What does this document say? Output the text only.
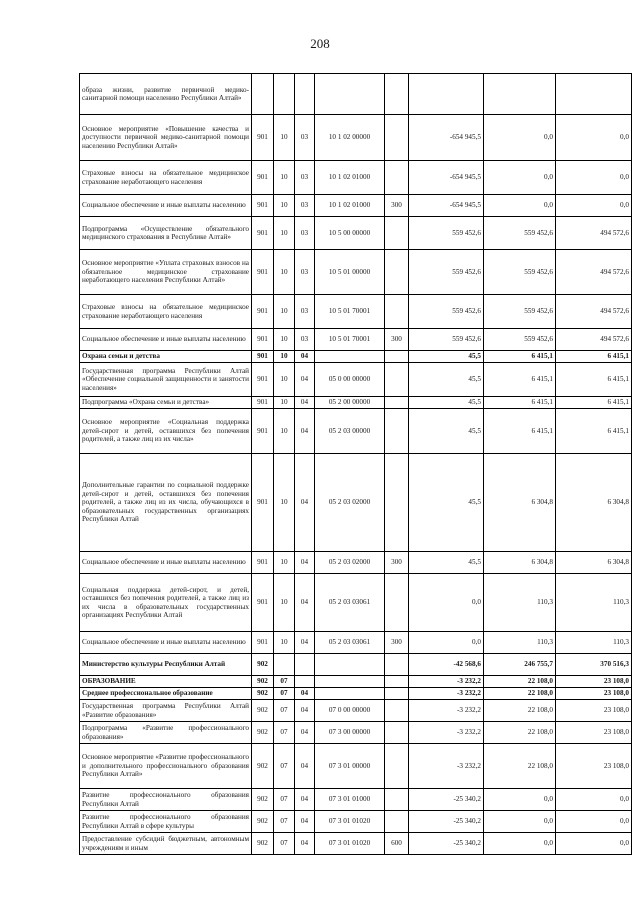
208
образа жизни, развитие первичной медико-санитарной помощи населению Республики Алтай»								
Основное мероприятие «Повышение качества и доступности первичной медико-санитарной помощи населению Республики Алтай»	901	10	03	10 1 02 00000		-654 945,5	0,0	0,0
Страховые взносы на обязательное медицинское страхование неработающего населения	901	10	03	10 1 02 01000		-654 945,5	0,0	0,0
Социальное обеспечение и иные выплаты населению	901	10	03	10 1 02 01000	300	-654 945,5	0,0	0,0
Подпрограмма «Осуществление обязательного медицинского страхования в Республике Алтай»	901	10	03	10 5 00 00000		559 452,6	559 452,6	494 572,6
Основное мероприятие «Уплата страховых взносов на обязательное медицинское страхование неработающего населения Республики Алтай»	901	10	03	10 5 01 00000		559 452,6	559 452,6	494 572,6
Страховые взносы на обязательное медицинское страхование неработающего населения	901	10	03	10 5 01 70001		559 452,6	559 452,6	494 572,6
Социальное обеспечение и иные выплаты населению	901	10	03	10 5 01 70001	300	559 452,6	559 452,6	494 572,6
Охрана семьи и детства	901	10	04			45,5	6 415,1	6 415,1
Государственная программа Республики Алтай «Обеспечение социальной защищенности и занятости населения»	901	10	04	05 0 00 00000		45,5	6 415,1	6 415,1
Подпрограмма «Охрана семьи и детства»	901	10	04	05 2 00 00000		45,5	6 415,1	6 415,1
Основное мероприятие «Социальная поддержка детей-сирот и детей, оставшихся без попечения родителей, а также лиц из их числа»	901	10	04	05 2 03 00000		45,5	6 415,1	6 415,1
Дополнительные гарантии по социальной поддержке детей-сирот и детей, оставшихся без попечения родителей, а также лиц из их числа, обучающихся в образовательных государственных организациях Республики Алтай	901	10	04	05 2 03 02000		45,5	6 304,8	6 304,8
Социальное обеспечение и иные выплаты населению	901	10	04	05 2 03 02000	300	45,5	6 304,8	6 304,8
Социальная поддержка детей-сирот, и детей, оставшихся без попечения родителей, а также лиц из их числа в образовательных государственных организациях Республики Алтай	901	10	04	05 2 03 03061		0,0	110,3	110,3
Социальное обеспечение и иные выплаты населению	901	10	04	05 2 03 03061	300	0,0	110,3	110,3
Министерство культуры Республики Алтай	902					-42 568,6	246 755,7	370 516,3
ОБРАЗОВАНИЕ	902	07				-3 232,2	22 108,0	23 108,0
Среднее профессиональное образование	902	07	04			-3 232,2	22 108,0	23 108,0
Государственная программа Республики Алтай «Развитие образования»	902	07	04	07 0 00 00000		-3 232,2	22 108,0	23 108,0
Подпрограмма «Развитие профессионального образования»	902	07	04	07 3 00 00000		-3 232,2	22 108,0	23 108,0
Основное мероприятие «Развитие профессионального и дополнительного профессионального образования Республики Алтай»	902	07	04	07 3 01 00000		-3 232,2	22 108,0	23 108,0
Развитие профессионального образования Республики Алтай	902	07	04	07 3 01 01000		-25 340,2	0,0	0,0
Развитие профессионального образования Республики Алтай в сфере культуры	902	07	04	07 3 01 01020		-25 340,2	0,0	0,0
Предоставление субсидий бюджетным, автономным учреждениям и иным	902	07	04	07 3 01 01020	600	-25 340,2	0,0	0,0
